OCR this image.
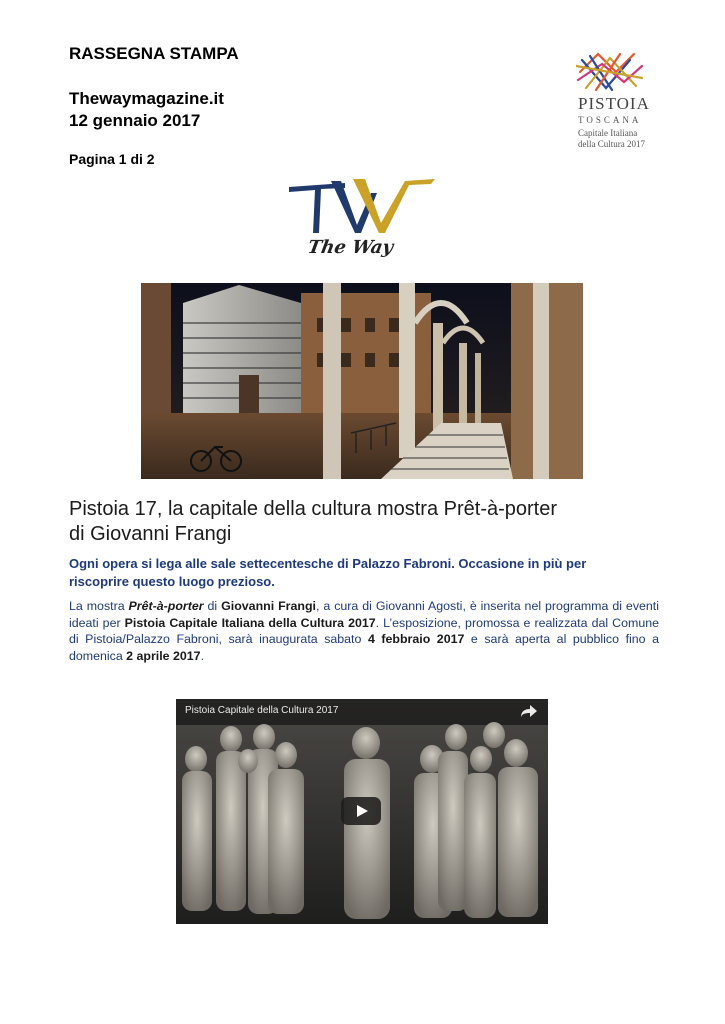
RASSEGNA STAMPA
Thewaymagazine.it
12 gennaio 2017
Pagina 1 di 2
PISTOIA
TOSCANA
Capitale Italiana
della Cultura 2017
The Way
Pistoia 17, la capitale della cultura mostra Prêt-à-porter
di Giovanni Frangi
Ogni opera si lega alle sale settecentesche di Palazzo Fabroni. Occasione in più per
riscoprire questo luogo prezioso.
La mostra Prêt-à-porter di Giovanni Frangi, a cura di Giovanni Agosti, è inserita nel programma di eventi ideati per Pistoia Capitale Italiana della Cultura 2017. L’esposizione, promossa e realizzata dal Comune di Pistoia/Palazzo Fabroni, sarà inaugurata sabato 4 febbraio 2017 e sarà aperta al pubblico fino a domenica 2 aprile 2017.
Pistoia Capitale della Cultura 2017
